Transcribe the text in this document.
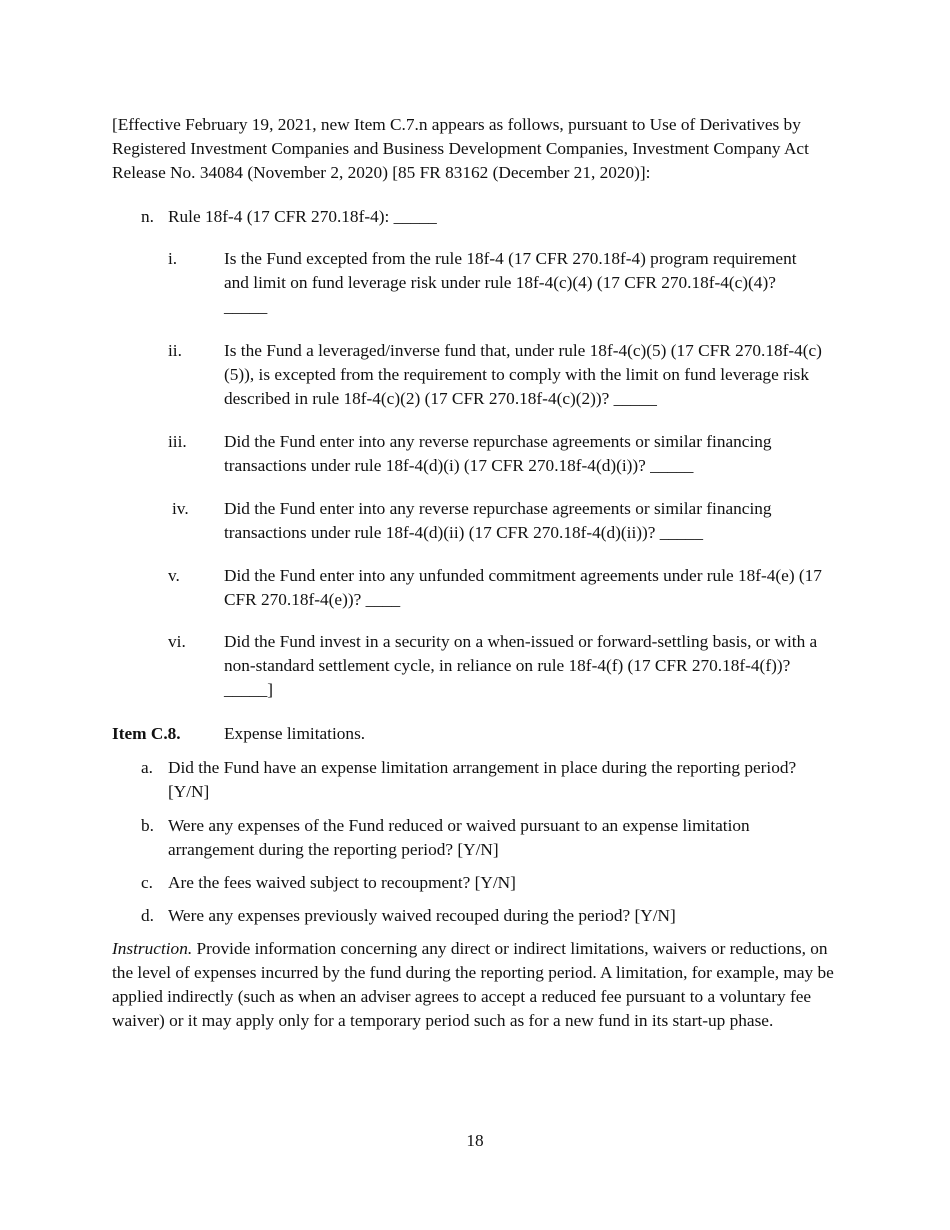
[Effective February 19, 2021, new Item C.7.n appears as follows, pursuant to Use of Derivatives by Registered Investment Companies and Business Development Companies, Investment Company Act Release No. 34084 (November 2, 2020) [85 FR 83162 (December 21, 2020)]:
n. Rule 18f-4 (17 CFR 270.18f-4): _____
i.	Is the Fund excepted from the rule 18f-4 (17 CFR 270.18f-4) program requirement and limit on fund leverage risk under rule 18f-4(c)(4) (17 CFR 270.18f-4(c)(4)? _____
ii. Is the Fund a leveraged/inverse fund that, under rule 18f-4(c)(5) (17 CFR 270.18f-4(c)(5)), is excepted from the requirement to comply with the limit on fund leverage risk described in rule 18f-4(c)(2) (17 CFR 270.18f-4(c)(2))? _____
iii. Did the Fund enter into any reverse repurchase agreements or similar financing transactions under rule 18f-4(d)(i) (17 CFR 270.18f-4(d)(i))? _____
iv. Did the Fund enter into any reverse repurchase agreements or similar financing transactions under rule 18f-4(d)(ii) (17 CFR 270.18f-4(d)(ii))? _____
v.	Did the Fund enter into any unfunded commitment agreements under rule 18f-4(e) (17 CFR 270.18f-4(e))? ____
vi. Did the Fund invest in a security on a when-issued or forward-settling basis, or with a non-standard settlement cycle, in reliance on rule 18f-4(f) (17 CFR 270.18f-4(f))? _____]
Item C.8.	Expense limitations.
a. Did the Fund have an expense limitation arrangement in place during the reporting period? [Y/N]
b. Were any expenses of the Fund reduced or waived pursuant to an expense limitation arrangement during the reporting period? [Y/N]
c. Are the fees waived subject to recoupment? [Y/N]
d. Were any expenses previously waived recouped during the period? [Y/N]
Instruction. Provide information concerning any direct or indirect limitations, waivers or reductions, on the level of expenses incurred by the fund during the reporting period. A limitation, for example, may be applied indirectly (such as when an adviser agrees to accept a reduced fee pursuant to a voluntary fee waiver) or it may apply only for a temporary period such as for a new fund in its start-up phase.
18
